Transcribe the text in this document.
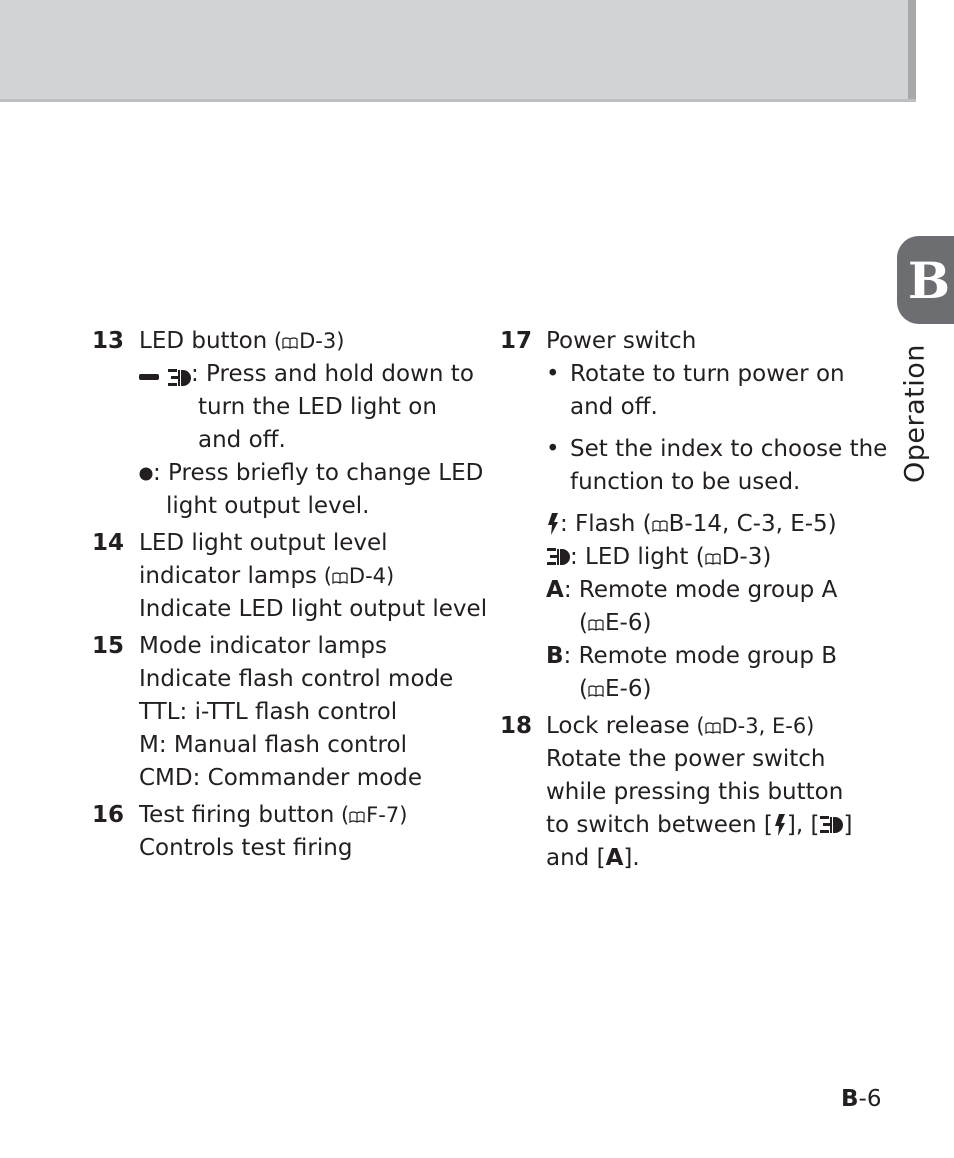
B
Operation
13 LED button ( D-3)
: Press and hold down to
turn the LED light on
and off.
: Press briefly to change LED
light output level.
14 LED light output level
indicator lamps ( D-4)
Indicate LED light output level
15 Mode indicator lamps
Indicate flash control mode
TTL: i-TTL flash control
M: Manual flash control
CMD: Commander mode
16 Test firing button ( F-7)
Controls test firing
17 Power switch
• Rotate to turn power on
and off.
• Set the index to choose the
function to be used.
: Flash ( B-14, C-3, E-5)
: LED light ( D-3)
A: Remote mode group A
( E-6)
B: Remote mode group B
( E-6)
18 Lock release ( D-3, E-6)
Rotate the power switch
while pressing this button
to switch between [ ], [ ]
and [A].
B-6
